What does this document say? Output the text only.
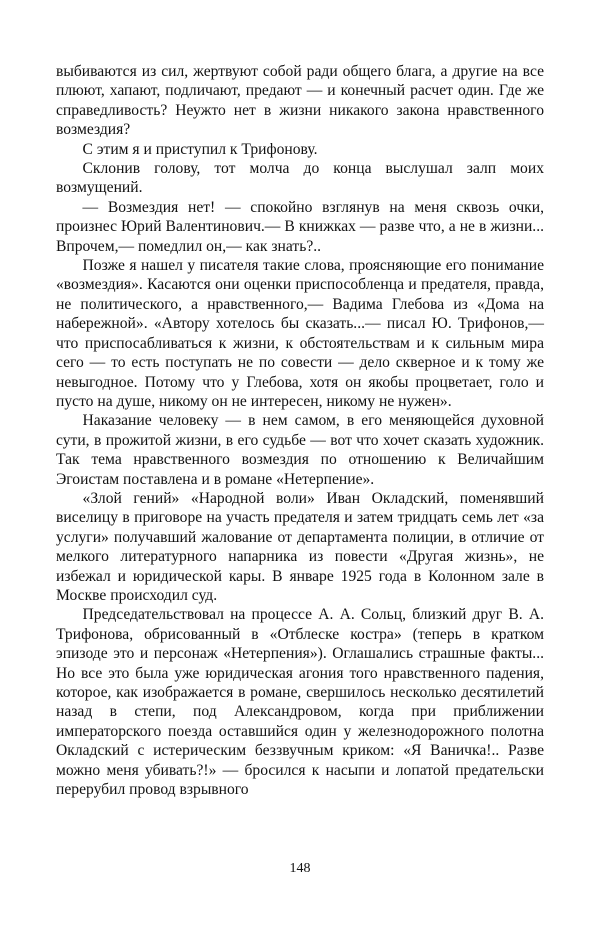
выбиваются из сил, жертвуют собой ради общего блага, а другие на все плюют, хапают, подличают, предают — и конечный расчет один. Где же справедливость? Неужто нет в жизни никакого закона нравственного возмездия?

С этим я и приступил к Трифонову.

Склонив голову, тот молча до конца выслушал залп моих возмущений.

— Возмездия нет! — спокойно взглянув на меня сквозь очки, произнес Юрий Валентинович.— В книжках — разве что, а не в жизни... Впрочем,— помедлил он,— как знать?..

Позже я нашел у писателя такие слова, проясняющие его понимание «возмездия». Касаются они оценки приспособленца и предателя, правда, не политического, а нравственного,— Вадима Глебова из «Дома на набережной». «Автору хотелось бы сказать...— писал Ю. Трифонов,— что приспосабливаться к жизни, к обстоятельствам и к сильным мира сего — то есть поступать не по совести — дело скверное и к тому же невыгодное. Потому что у Глебова, хотя он якобы процветает, голо и пусто на душе, никому он не интересен, никому не нужен».

Наказание человеку — в нем самом, в его меняющейся духовной сути, в прожитой жизни, в его судьбе — вот что хочет сказать художник. Так тема нравственного возмездия по отношению к Величайшим Эгоистам поставлена и в романе «Нетерпение».

«Злой гений» «Народной воли» Иван Окладский, поменявший виселицу в приговоре на участь предателя и затем тридцать семь лет «за услуги» получавший жалование от департамента полиции, в отличие от мелкого литературного напарника из повести «Другая жизнь», не избежал и юридической кары. В январе 1925 года в Колонном зале в Москве происходил суд.

Председательствовал на процессе А. А. Сольц, близкий друг В. А. Трифонова, обрисованный в «Отблеске костра» (теперь в кратком эпизоде это и персонаж «Нетерпения»). Оглашались страшные факты... Но все это была уже юридическая агония того нравственного падения, которое, как изображается в романе, свершилось несколько десятилетий назад в степи, под Александровом, когда при приближении императорского поезда оставшийся один у железнодорожного полотна Окладский с истерическим беззвучным криком: «Я Ваничка!.. Разве можно меня убивать?!» — бросился к насыпи и лопатой предательски перерубил провод взрывного

148
